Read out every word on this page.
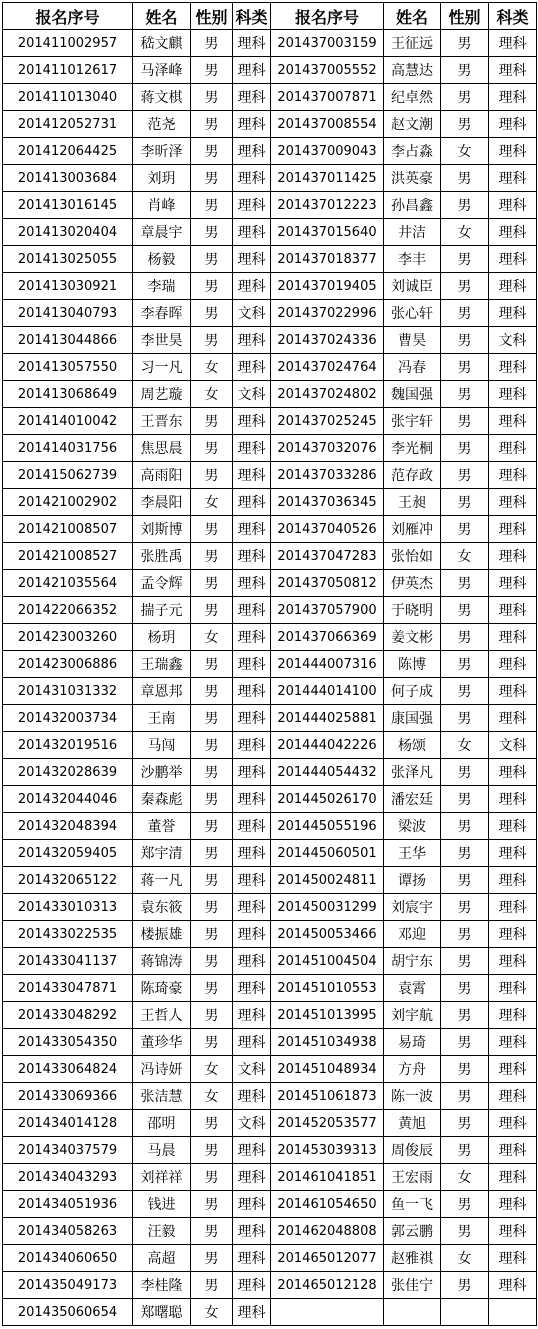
报名序号	姓名	性别	科类	报名序号	姓名	性别	科类
201411002957	嵇文麒	男	理科	201437003159	王征远	男	理科
201411012617	马泽峰	男	理科	201437005552	高慧达	男	理科
201411013040	蒋文棋	男	理科	201437007871	纪卓然	男	理科
201412052731	范尧	男	理科	201437008554	赵文潮	男	理科
201412064425	李昕泽	男	理科	201437009043	李占淼	女	理科
201413003684	刘玥	男	理科	201437011425	洪英豪	男	理科
201413016145	肖峰	男	理科	201437012223	孙昌鑫	男	理科
201413020404	章晨宇	男	理科	201437015640	井洁	女	理科
201413025055	杨毅	男	理科	201437018377	李丰	男	理科
201413030921	李瑞	男	理科	201437019405	刘诚臣	男	理科
201413040793	李春晖	男	文科	201437022996	张心轩	男	理科
201413044866	李世昊	男	理科	201437024336	曹昊	男	文科
201413057550	习一凡	女	理科	201437024764	冯春	男	理科
201413068649	周艺璇	女	文科	201437024802	魏国强	男	理科
201414010042	王晋东	男	理科	201437025245	张宇轩	男	理科
201414031756	焦思晨	男	理科	201437032076	李光桐	男	理科
201415062739	高雨阳	男	理科	201437033286	范存政	男	理科
201421002902	李晨阳	女	理科	201437036345	王昶	男	理科
201421008507	刘斯博	男	理科	201437040526	刘雁冲	男	理科
201421008527	张胜禹	男	理科	201437047283	张怡如	女	理科
201421035564	孟令辉	男	理科	201437050812	伊英杰	男	理科
201422066352	揣子元	男	理科	201437057900	于晓明	男	理科
201423003260	杨玥	女	理科	201437066369	姜文彬	男	理科
201423006886	王瑞鑫	男	理科	201444007316	陈博	男	理科
201431031332	章恩邦	男	理科	201444014100	何子成	男	理科
201432003734	王南	男	理科	201444025881	康国强	男	理科
201432019516	马闯	男	理科	201444042226	杨颂	女	文科
201432028639	沙鹏举	男	理科	201444054432	张泽凡	男	理科
201432044046	秦森彪	男	理科	201445026170	潘宏廷	男	理科
201432048394	董誉	男	理科	201445055196	梁波	男	理科
201432059405	郑宇清	男	理科	201445060501	王华	男	理科
201432065122	蒋一凡	男	理科	201450024811	谭扬	男	理科
201433010313	袁东筱	男	理科	201450031299	刘宸宇	男	理科
201433022535	楼振雄	男	理科	201450053466	邓迎	男	理科
201433041137	蒋锦涛	男	理科	201451004504	胡宁东	男	理科
201433047871	陈琦豪	男	理科	201451010553	袁霄	男	理科
201433048292	王哲人	男	理科	201451013995	刘宇航	男	理科
201433054350	董珍华	男	理科	201451034938	易琦	男	理科
201433064824	冯诗妍	女	文科	201451048934	方舟	男	理科
201433069366	张洁慧	女	理科	201451061873	陈一波	男	理科
201434014128	邵明	男	文科	201452053577	黄旭	男	理科
201434037579	马晨	男	理科	201453039313	周俊辰	男	理科
201434043293	刘祥祥	男	理科	201461041851	王宏雨	女	理科
201434051936	钱进	男	理科	201461054650	鱼一飞	男	理科
201434058263	汪毅	男	理科	201462048808	郭云鹏	男	理科
201434060650	高超	男	理科	201465012077	赵雅祺	女	理科
201435049173	李桂隆	男	理科	201465012128	张佳宁	男	理科
201435060654	郑曙聪	女	理科				
